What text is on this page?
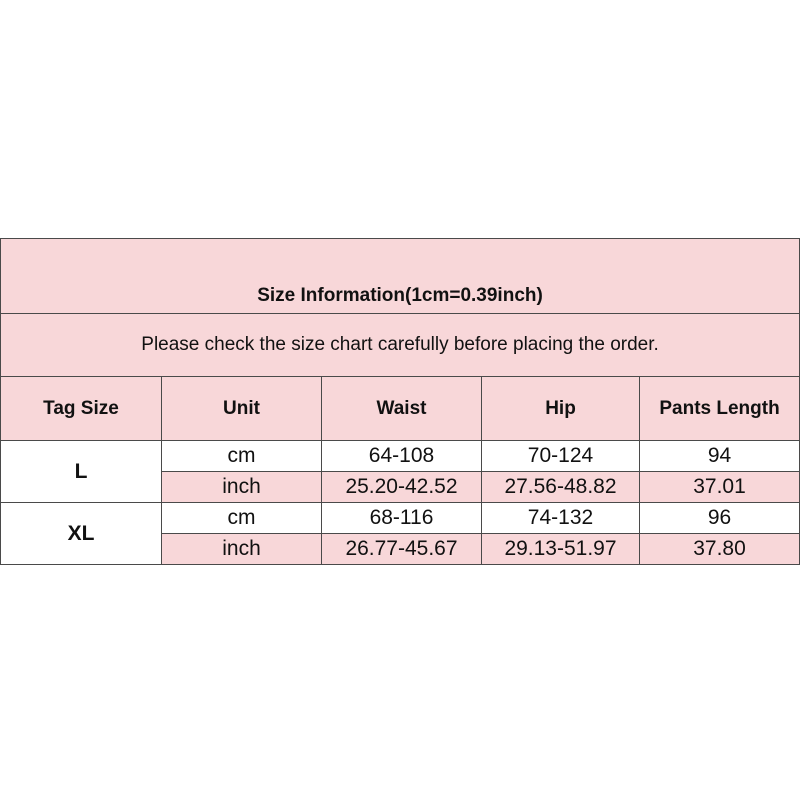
Size Information(1cm=0.39inch)				
Please check the size chart carefully before placing the order.				
Tag Size	Unit	Waist	Hip	Pants Length
L	cm	64-108	70-124	94
	inch	25.20-42.52	27.56-48.82	37.01
XL	cm	68-116	74-132	96
	inch	26.77-45.67	29.13-51.97	37.80
